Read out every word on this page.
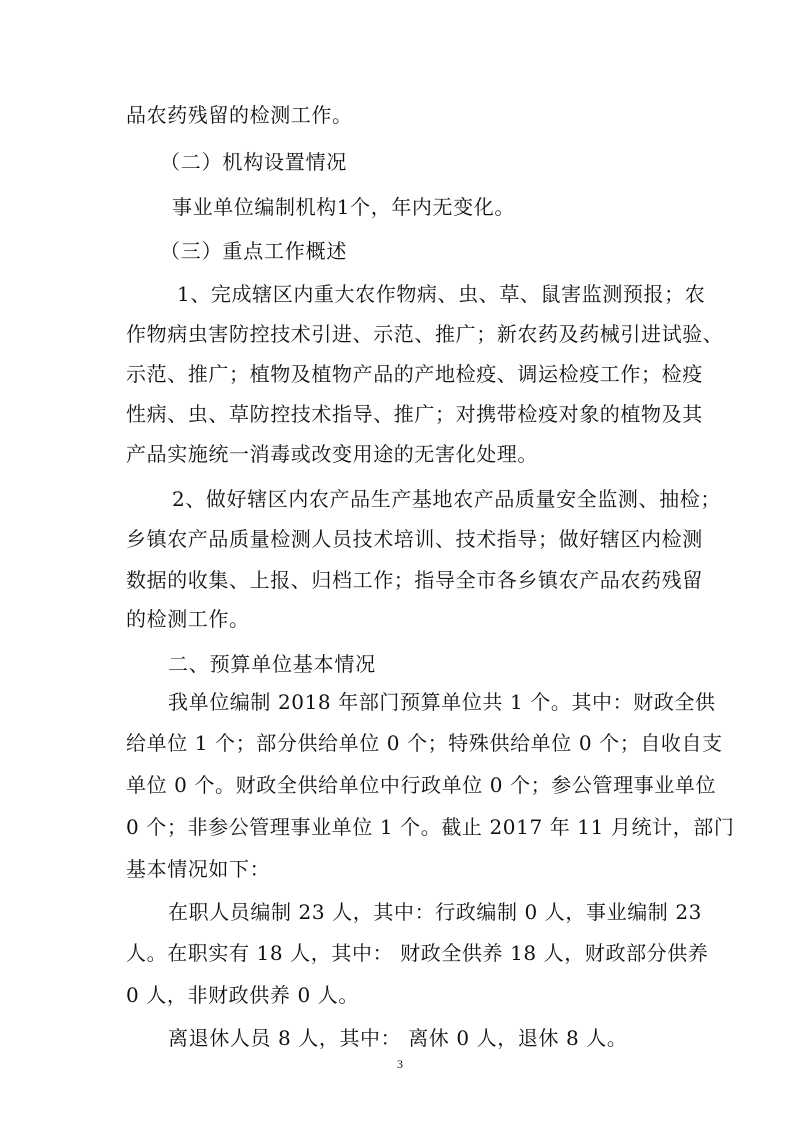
品农药残留的检测工作。
（二）机构设置情况
事业单位编制机构1个，年内无变化。
（三）重点工作概述
1、完成辖区内重大农作物病、虫、草、鼠害监测预报；农
作物病虫害防控技术引进、示范、推广；新农药及药械引进试验、
示范、推广；植物及植物产品的产地检疫、调运检疫工作；检疫
性病、虫、草防控技术指导、推广；对携带检疫对象的植物及其
产品实施统一消毒或改变用途的无害化处理。
2、做好辖区内农产品生产基地农产品质量安全监测、抽检；
乡镇农产品质量检测人员技术培训、技术指导；做好辖区内检测
数据的收集、上报、归档工作；指导全市各乡镇农产品农药残留
的检测工作。
二、预算单位基本情况
我单位编制 2018 年部门预算单位共 1 个。其中：财政全供
给单位 1 个；部分供给单位 0 个；特殊供给单位 0 个；自收自支
单位 0 个。财政全供给单位中行政单位 0 个；参公管理事业单位
0 个；非参公管理事业单位 1 个。截止 2017 年 11 月统计，部门
基本情况如下：
在职人员编制 23 人，其中：行政编制 0 人，事业编制 23
人。在职实有 18 人，其中： 财政全供养 18 人，财政部分供养
0 人，非财政供养 0 人。
离退休人员 8 人，其中： 离休 0 人，退休 8 人。
3
